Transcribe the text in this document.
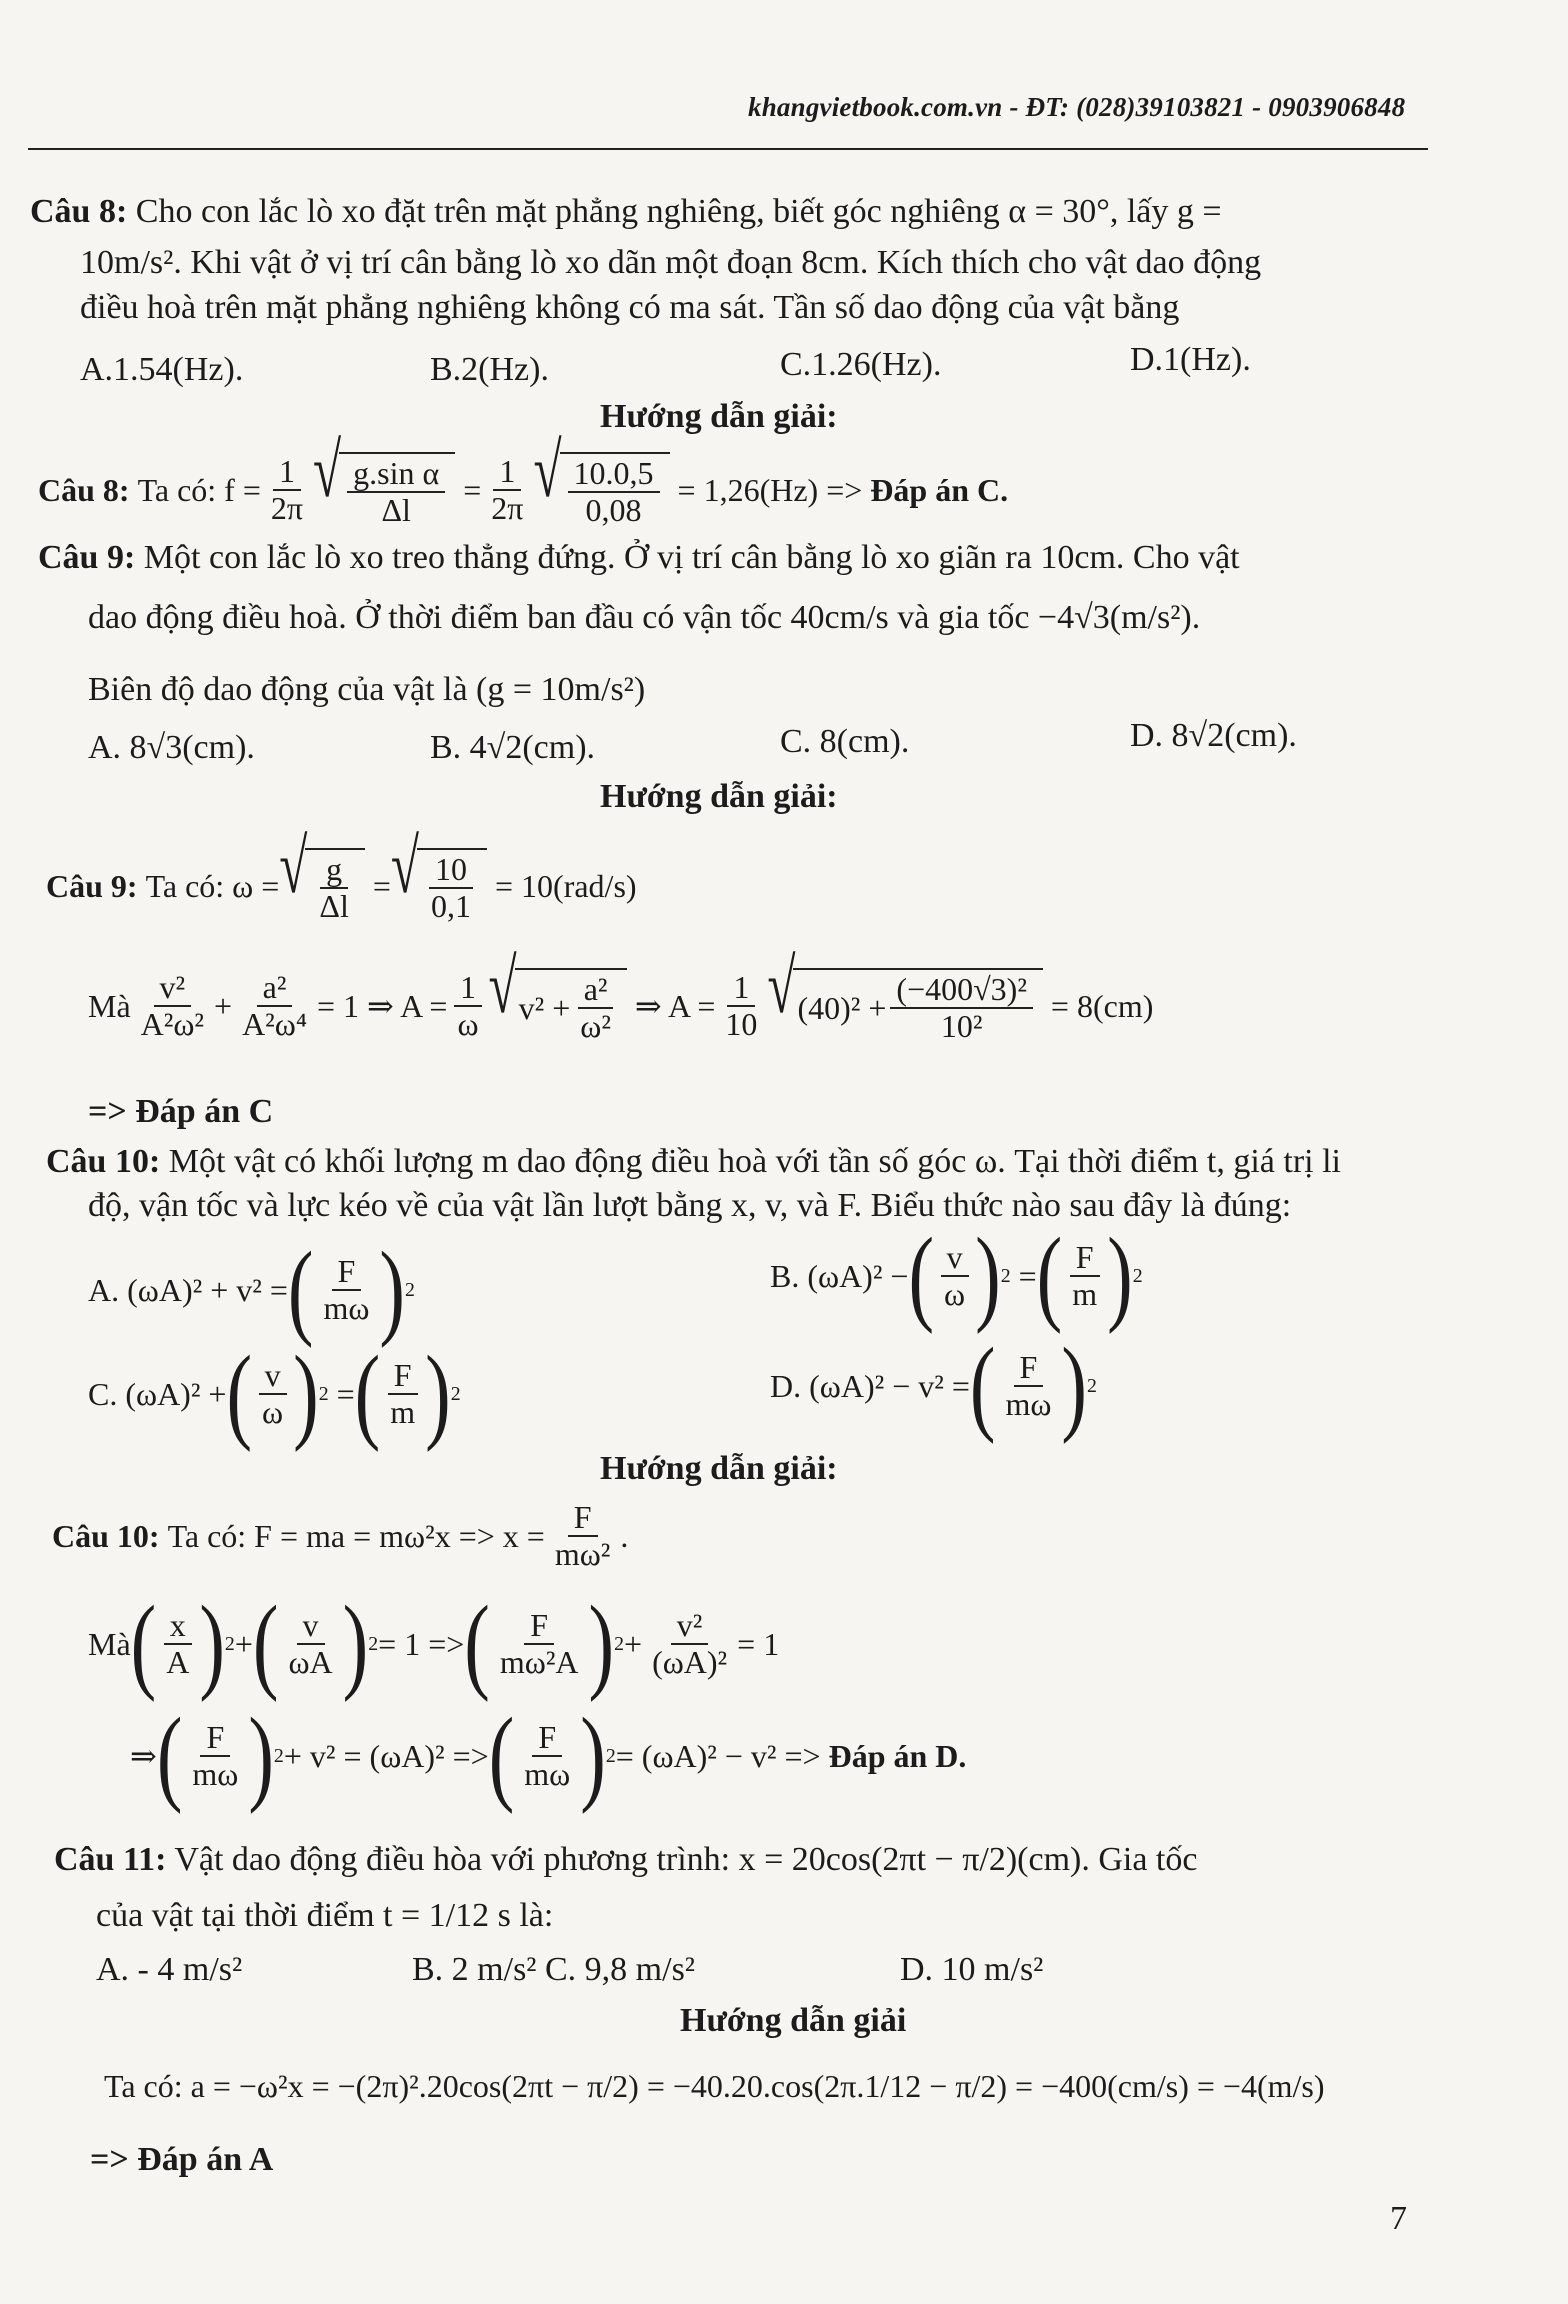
khangvietbook.com.vn - ĐT: (028)39103821 - 0903906848
Câu 8: Cho con lắc lò xo đặt trên mặt phẳng nghiêng, biết góc nghiêng α = 30°, lấy g =
10m/s². Khi vật ở vị trí cân bằng lò xo dãn một đoạn 8cm. Kích thích cho vật dao động
điều hoà trên mặt phẳng nghiêng không có ma sát. Tần số dao động của vật bằng
A.1.54(Hz).	B.2(Hz).	C.1.26(Hz).	D.1(Hz).
Hướng dẫn giải:
Câu 8:
Ta có:
$f = \frac{1}{2\pi}$ √ $\frac{\text{g.sin α}}{\Delta l} = \frac{1}{2\pi}$ √ $\frac{10.0,5}{0,08}$
= 1,26(Hz) =>
Đáp án C.
Câu 9: Một con lắc lò xo treo thẳng đứng. Ở vị trí cân bằng lò xo giãn ra 10cm. Cho vật
dao động điều hoà. Ở thời điểm ban đầu có vận tốc 40cm/s và gia tốc −4√3(m/s²).
Biên độ dao động của vật là (g = 10m/s²)
A. 8√3(cm).	B. 4√2(cm).	C. 8(cm).	D. 8√2(cm).
Hướng dẫn giải:
Câu 9:
Ta có: ω = √ $\frac{g}{\Delta l}$ = √ $\frac{10}{0,1}$
= 10(rad/s)
Mà $\frac{\text{v²}}{\text{A²ω²}} + \frac{\text{a²}}{\text{A²ω⁴}} = 1$ ⇒ $A = \frac{1}{\omega}$ √ $v^2 + \frac{\text{a²}}{\text{ω²}}$
⇒ $A = \frac{1}{10}$ √ $(40)^2 + \frac{\text{(−400√3)²}}{\text{10²}}$
= 8(cm)
=> Đáp án C
Câu 10: Một vật có khối lượng m dao động điều hoà với tần số góc ω. Tại thời điểm t, giá trị li
độ, vận tốc và lực kéo về của vật lần lượt bằng x, v, và F. Biểu thức nào sau đây là đúng:
A. (ωA)² + v² = ( $\frac{F}{m\omega}$ ) 2	B. (ωA)² − ( $\frac{v}{\omega}$ ) 2 = ( $\frac{F}{m}$ ) 2
C. (ωA)² + ( $\frac{v}{\omega}$ ) 2 = ( $\frac{F}{m}$ ) 2	D. (ωA)² − v² = ( $\frac{F}{m\omega}$ ) 2
Hướng dẫn giải:
Câu 10:
Ta có: F = ma = $m\omega^2x => x = \frac{F}{\text{mω²}}$ .
Mà ( $\frac{x}{A}$ ) 2 + ( $\frac{v}{\omega A}$ ) 2 = 1 => ( $\frac{F}{\text{mω²A}}$ ) $2 + \frac{\text{v²}}{\text{(ωA)²}} = 1$
⇒ ( $\frac{F}{m\omega}$ ) 2 + v² = (ωA)² => ( $\frac{F}{m\omega}$ ) 2 = (ωA)² − v² =>
Đáp án D.
Câu 11: Vật dao động điều hòa với phương trình: x = 20cos(2πt − π/2)(cm). Gia tốc
của vật tại thời điểm t = 1/12 s là:
A. - 4 m/s²	B. 2 m/s² C. 9,8 m/s²	D. 10 m/s²
Hướng dẫn giải
Ta có: a = −ω²x = −(2π)².20cos(2πt − π/2) = −40.20.cos(2π.1/12 − π/2) = −400(cm/s) = −4(m/s)
=> Đáp án A
7
